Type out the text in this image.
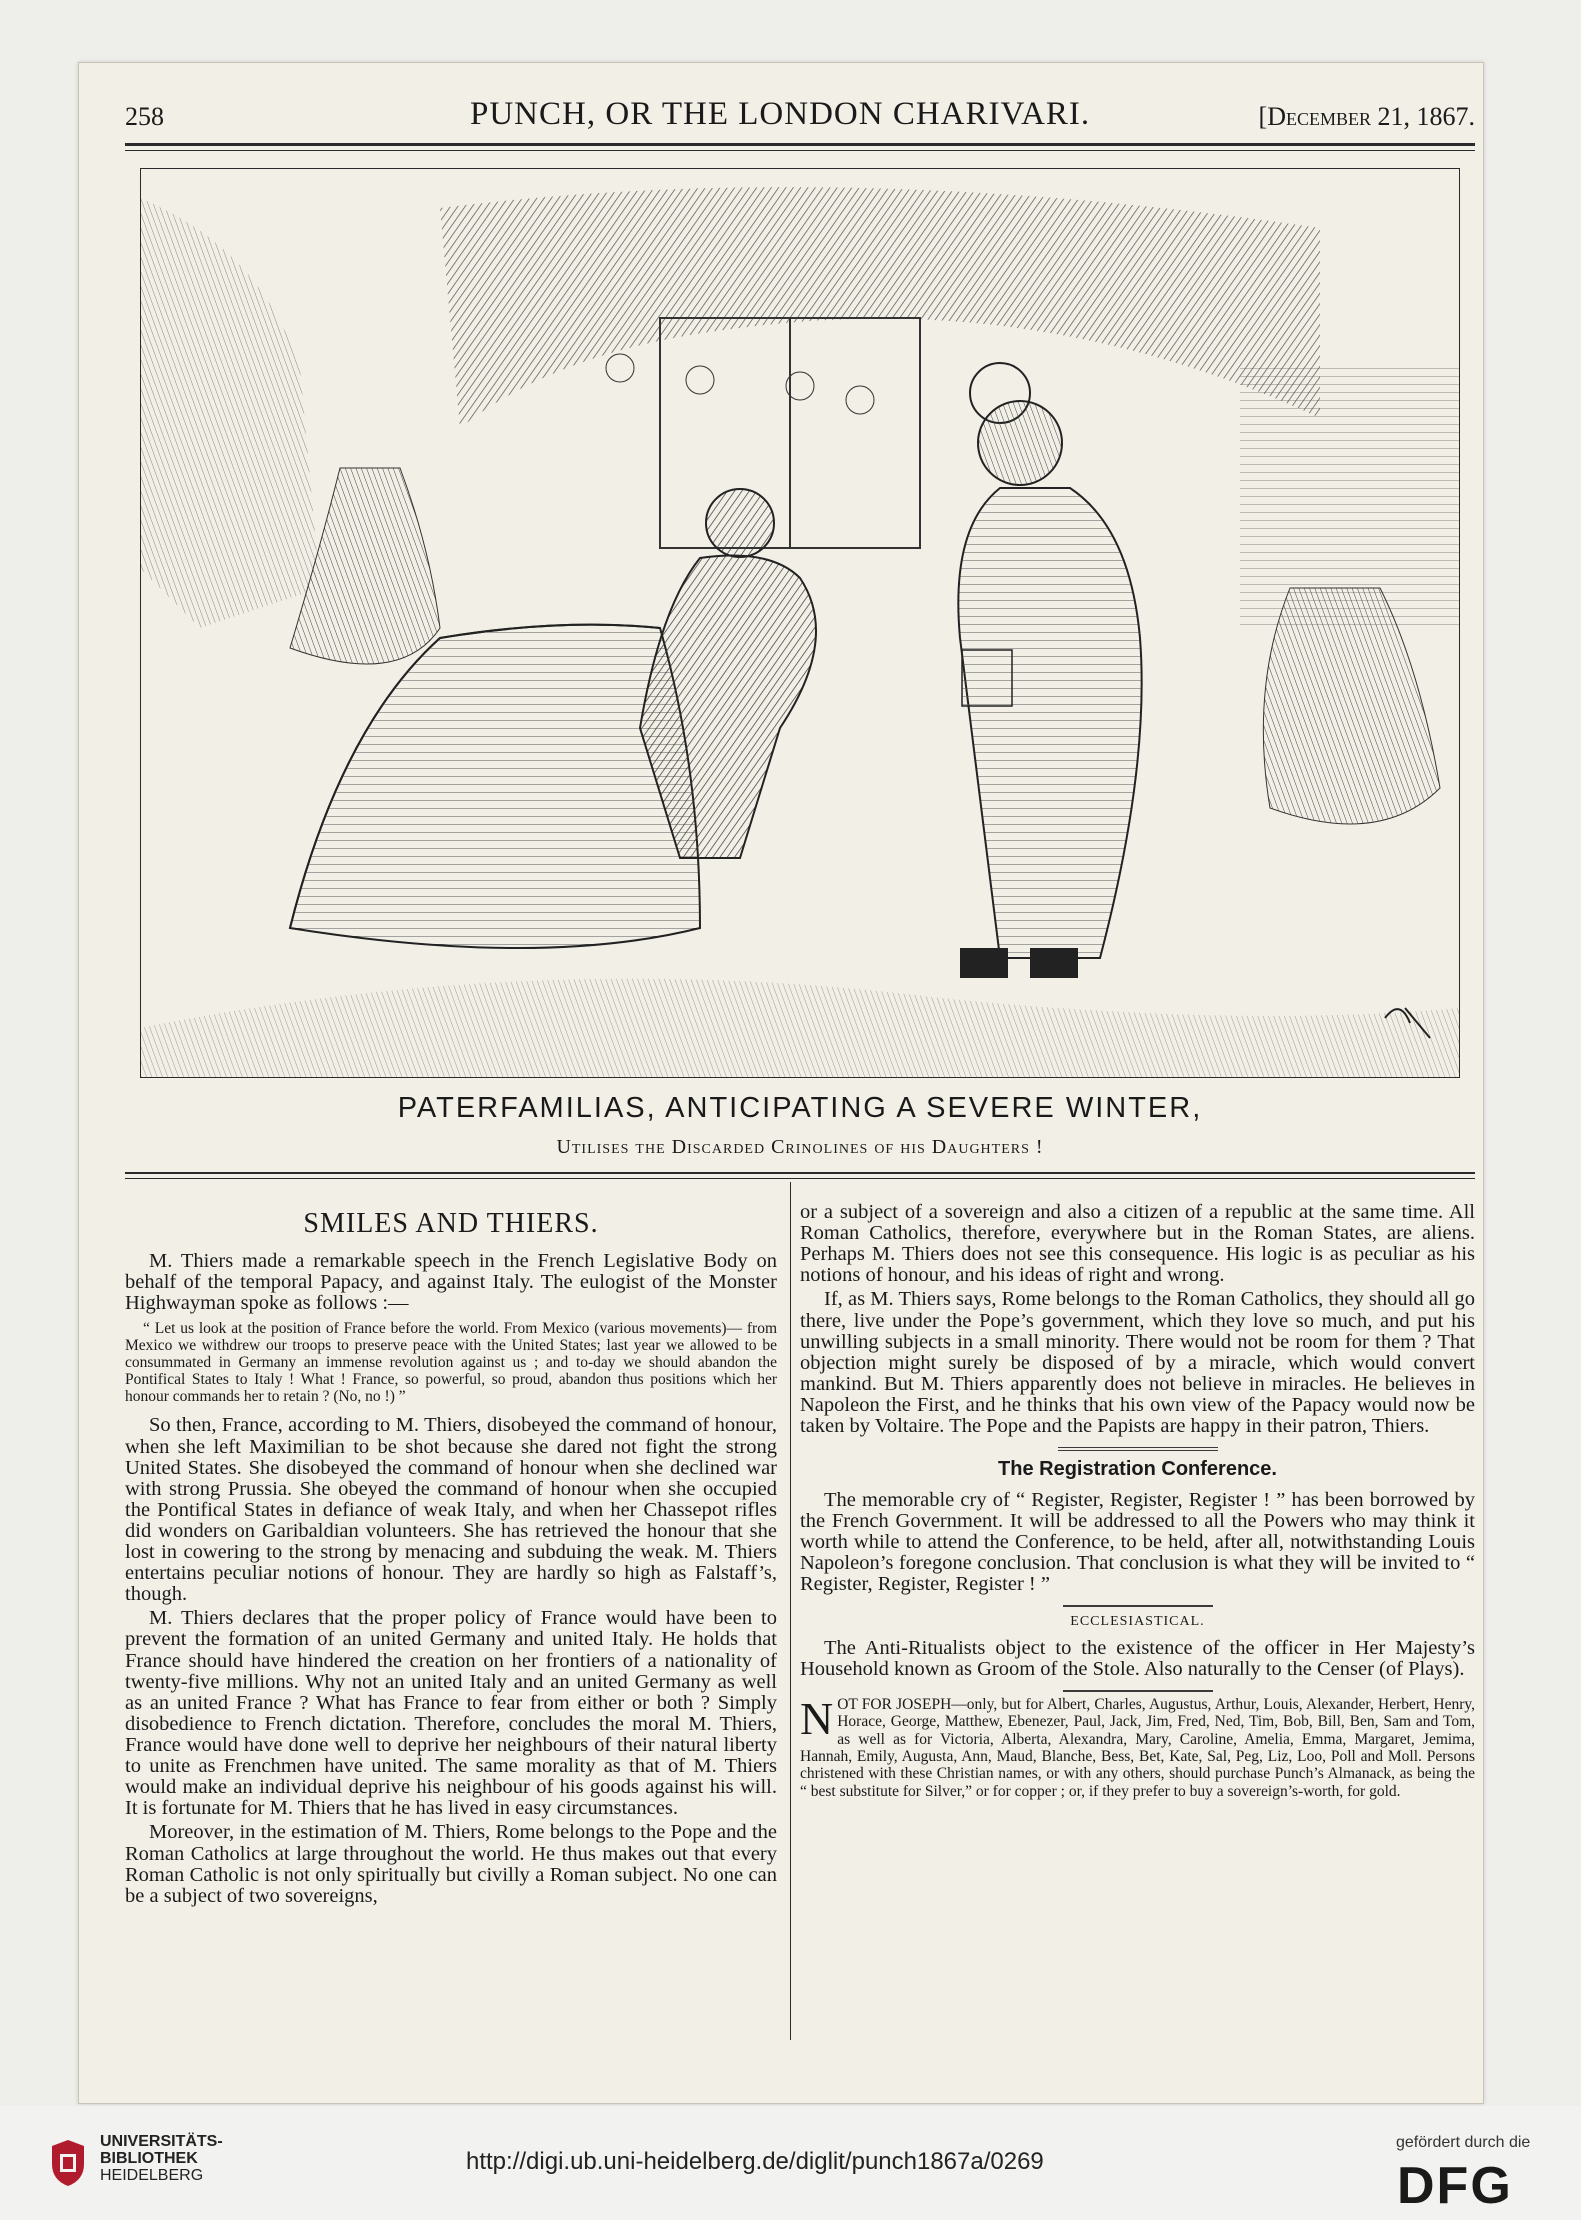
258	PUNCH, OR THE LONDON CHARIVARI.	[December 21, 1867.
PATERFAMILIAS, ANTICIPATING A SEVERE WINTER,
Utilises the Discarded Crinolines of his Daughters !
SMILES AND THIERS.

M. Thiers made a remarkable speech in the French Legislative Body on behalf of the temporal Papacy, and against Italy. The eulogist of the Monster Highwayman spoke as follows :—

“ Let us look at the position of France before the world. From Mexico (various movements)— from Mexico we withdrew our troops to preserve peace with the United States; last year we allowed to be consummated in Germany an immense revolution against us ; and to-day we should abandon the Pontifical States to Italy ! What ! France, so powerful, so proud, abandon thus positions which her honour commands her to retain ? (No, no !) ”

So then, France, according to M. Thiers, disobeyed the command of honour, when she left Maximilian to be shot because she dared not fight the strong United States. She disobeyed the command of honour when she declined war with strong Prussia. She obeyed the command of honour when she occupied the Pontifical States in defiance of weak Italy, and when her Chassepot rifles did wonders on Garibaldian volunteers. She has retrieved the honour that she lost in cowering to the strong by menacing and subduing the weak. M. Thiers entertains peculiar notions of honour. They are hardly so high as Falstaff’s, though.

M. Thiers declares that the proper policy of France would have been to prevent the formation of an united Germany and united Italy. He holds that France should have hindered the creation on her frontiers of a nationality of twenty-five millions. Why not an united Italy and an united Germany as well as an united France ? What has France to fear from either or both ? Simply disobedience to French dictation. Therefore, concludes the moral M. Thiers, France would have done well to deprive her neighbours of their natural liberty to unite as Frenchmen have united. The same morality as that of M. Thiers would make an individual deprive his neighbour of his goods against his will. It is fortunate for M. Thiers that he has lived in easy circumstances.

Moreover, in the estimation of M. Thiers, Rome belongs to the Pope and the Roman Catholics at large throughout the world. He thus makes out that every Roman Catholic is not only spiritually but civilly a Roman subject. No one can be a subject of two sovereigns,

or a subject of a sovereign and also a citizen of a republic at the same time. All Roman Catholics, therefore, everywhere but in the Roman States, are aliens. Perhaps M. Thiers does not see this consequence. His logic is as peculiar as his notions of honour, and his ideas of right and wrong.

If, as M. Thiers says, Rome belongs to the Roman Catholics, they should all go there, live under the Pope’s government, which they love so much, and put his unwilling subjects in a small minority. There would not be room for them ? That objection might surely be disposed of by a miracle, which would convert mankind. But M. Thiers apparently does not believe in miracles. He believes in Napoleon the First, and he thinks that his own view of the Papacy would now be taken by Voltaire. The Pope and the Papists are happy in their patron, Thiers.

The Registration Conference.

The memorable cry of “ Register, Register, Register ! ” has been borrowed by the French Government. It will be addressed to all the Powers who may think it worth while to attend the Conference, to be held, after all, notwithstanding Louis Napoleon’s foregone conclusion. That conclusion is what they will be invited to “ Register, Register, Register ! ”

ECCLESIASTICAL.

The Anti-Ritualists object to the existence of the officer in Her Majesty’s Household known as Groom of the Stole. Also naturally to the Censer (of Plays).

NOT FOR JOSEPH—only, but for Albert, Charles, Augustus, Arthur, Louis, Alexander, Herbert, Henry, Horace, George, Matthew, Ebenezer, Paul, Jack, Jim, Fred, Ned, Tim, Bob, Bill, Ben, Sam and Tom, as well as for Victoria, Alberta, Alexandra, Mary, Caroline, Amelia, Emma, Margaret, Jemima, Hannah, Emily, Augusta, Ann, Maud, Blanche, Bess, Bet, Kate, Sal, Peg, Liz, Loo, Poll and Moll. Persons christened with these Christian names, or with any others, should purchase Punch’s Almanack, as being the “ best substitute for Silver,” or for copper ; or, if they prefer to buy a sovereign’s-worth, for gold.
UNIVERSITÄTS-
BIBLIOTHEK
HEIDELBERG
http://digi.ub.uni-heidelberg.de/diglit/punch1867a/0269
gefördert durch die
DFG
